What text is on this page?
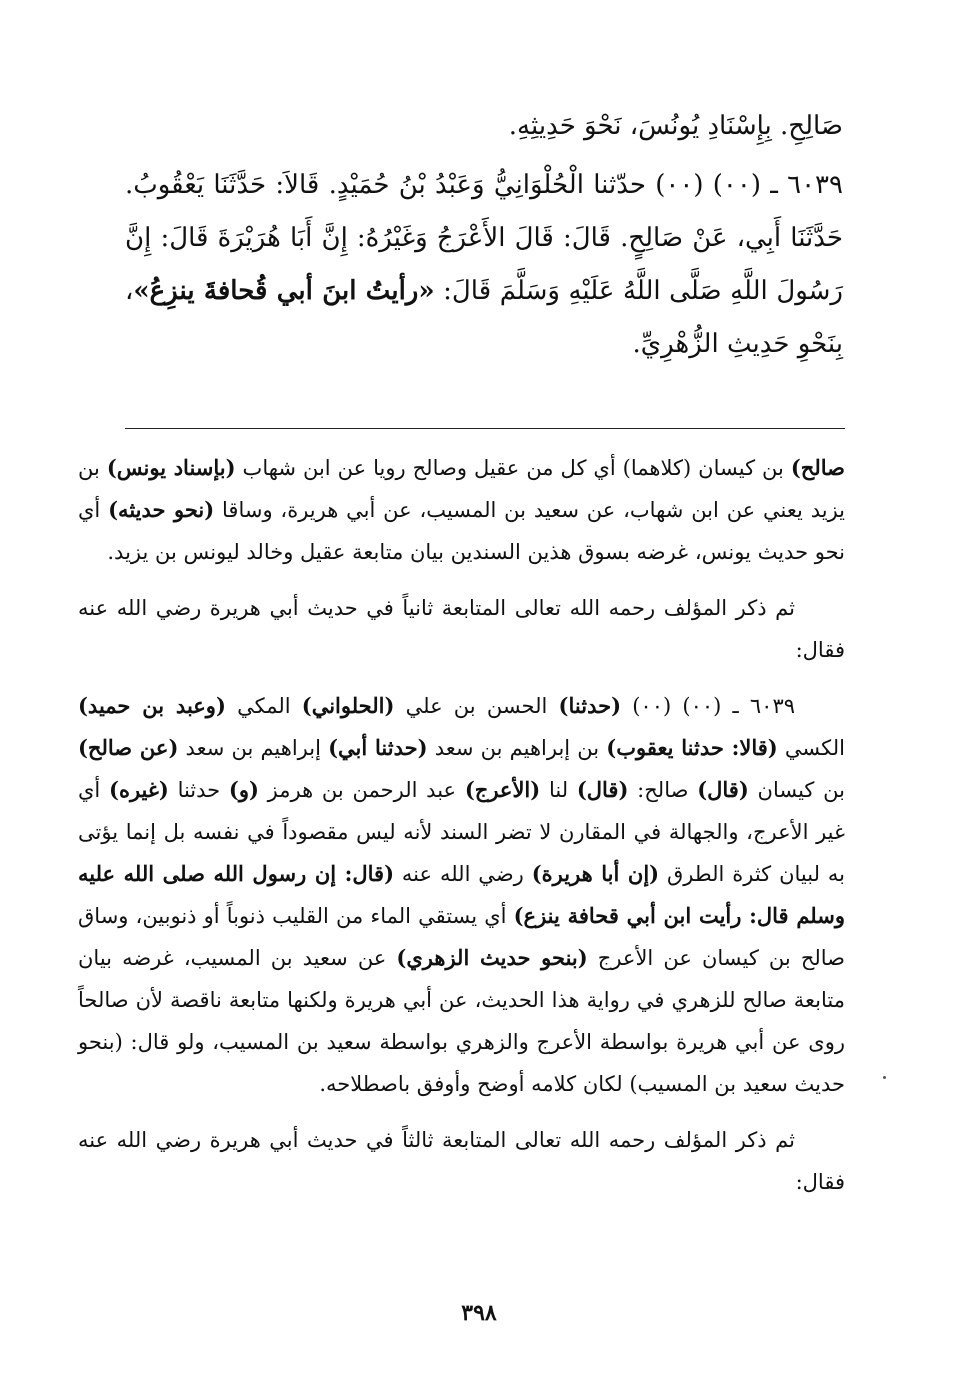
صَالِحِ. بِإِسْنَادِ يُونُسَ، نَحْوَ حَدِيثِهِ.

٦٠٣٩ ـ (٠٠) (٠٠) حدّثنا الْحُلْوَانِيُّ وَعَبْدُ بْنُ حُمَيْدٍ. قَالاَ: حَدَّثَنَا يَعْقُوبُ. حَدَّثَنَا أَبِي، عَنْ صَالِحٍ. قَالَ: قَالَ الأَعْرَجُ وَغَيْرُهُ: إِنَّ أَبَا هُرَيْرَةَ قَالَ: إِنَّ رَسُولَ اللَّهِ صَلَّى اللَّهُ عَلَيْهِ وَسَلَّمَ قَالَ: «رأيتُ ابنَ أبي قُحافةَ ينزِعُ»، بِنَحْوِ حَدِيثِ الزُّهْرِيِّ.

صالح) بن كيسان (كلاهما) أي كل من عقيل وصالح رويا عن ابن شهاب (بإسناد يونس) بن يزيد يعني عن ابن شهاب، عن سعيد بن المسيب، عن أبي هريرة، وساقا (نحو حديثه) أي نحو حديث يونس، غرضه بسوق هذين السندين بيان متابعة عقيل وخالد ليونس بن يزيد.

ثم ذكر المؤلف رحمه الله تعالى المتابعة ثانياً في حديث أبي هريرة رضي الله عنه فقال:

٦٠٣٩ ـ (٠٠) (٠٠) (حدثنا) الحسن بن علي (الحلواني) المكي (وعبد بن حميد) الكسي (قالا: حدثنا يعقوب) بن إبراهيم بن سعد (حدثنا أبي) إبراهيم بن سعد (عن صالح) بن كيسان (قال) صالح: (قال) لنا (الأعرج) عبد الرحمن بن هرمز (و) حدثنا (غيره) أي غير الأعرج، والجهالة في المقارن لا تضر السند لأنه ليس مقصوداً في نفسه بل إنما يؤتى به لبيان كثرة الطرق (إن أبا هريرة) رضي الله عنه (قال: إن رسول الله صلى الله عليه وسلم قال: رأيت ابن أبي قحافة ينزع) أي يستقي الماء من القليب ذنوباً أو ذنوبين، وساق صالح بن كيسان عن الأعرج (بنحو حديث الزهري) عن سعيد بن المسيب، غرضه بيان متابعة صالح للزهري في رواية هذا الحديث، عن أبي هريرة ولكنها متابعة ناقصة لأن صالحاً روى عن أبي هريرة بواسطة الأعرج والزهري بواسطة سعيد بن المسيب، ولو قال: (بنحو حديث سعيد بن المسيب) لكان كلامه أوضح وأوفق باصطلاحه.

ثم ذكر المؤلف رحمه الله تعالى المتابعة ثالثاً في حديث أبي هريرة رضي الله عنه فقال:

٣٩٨
